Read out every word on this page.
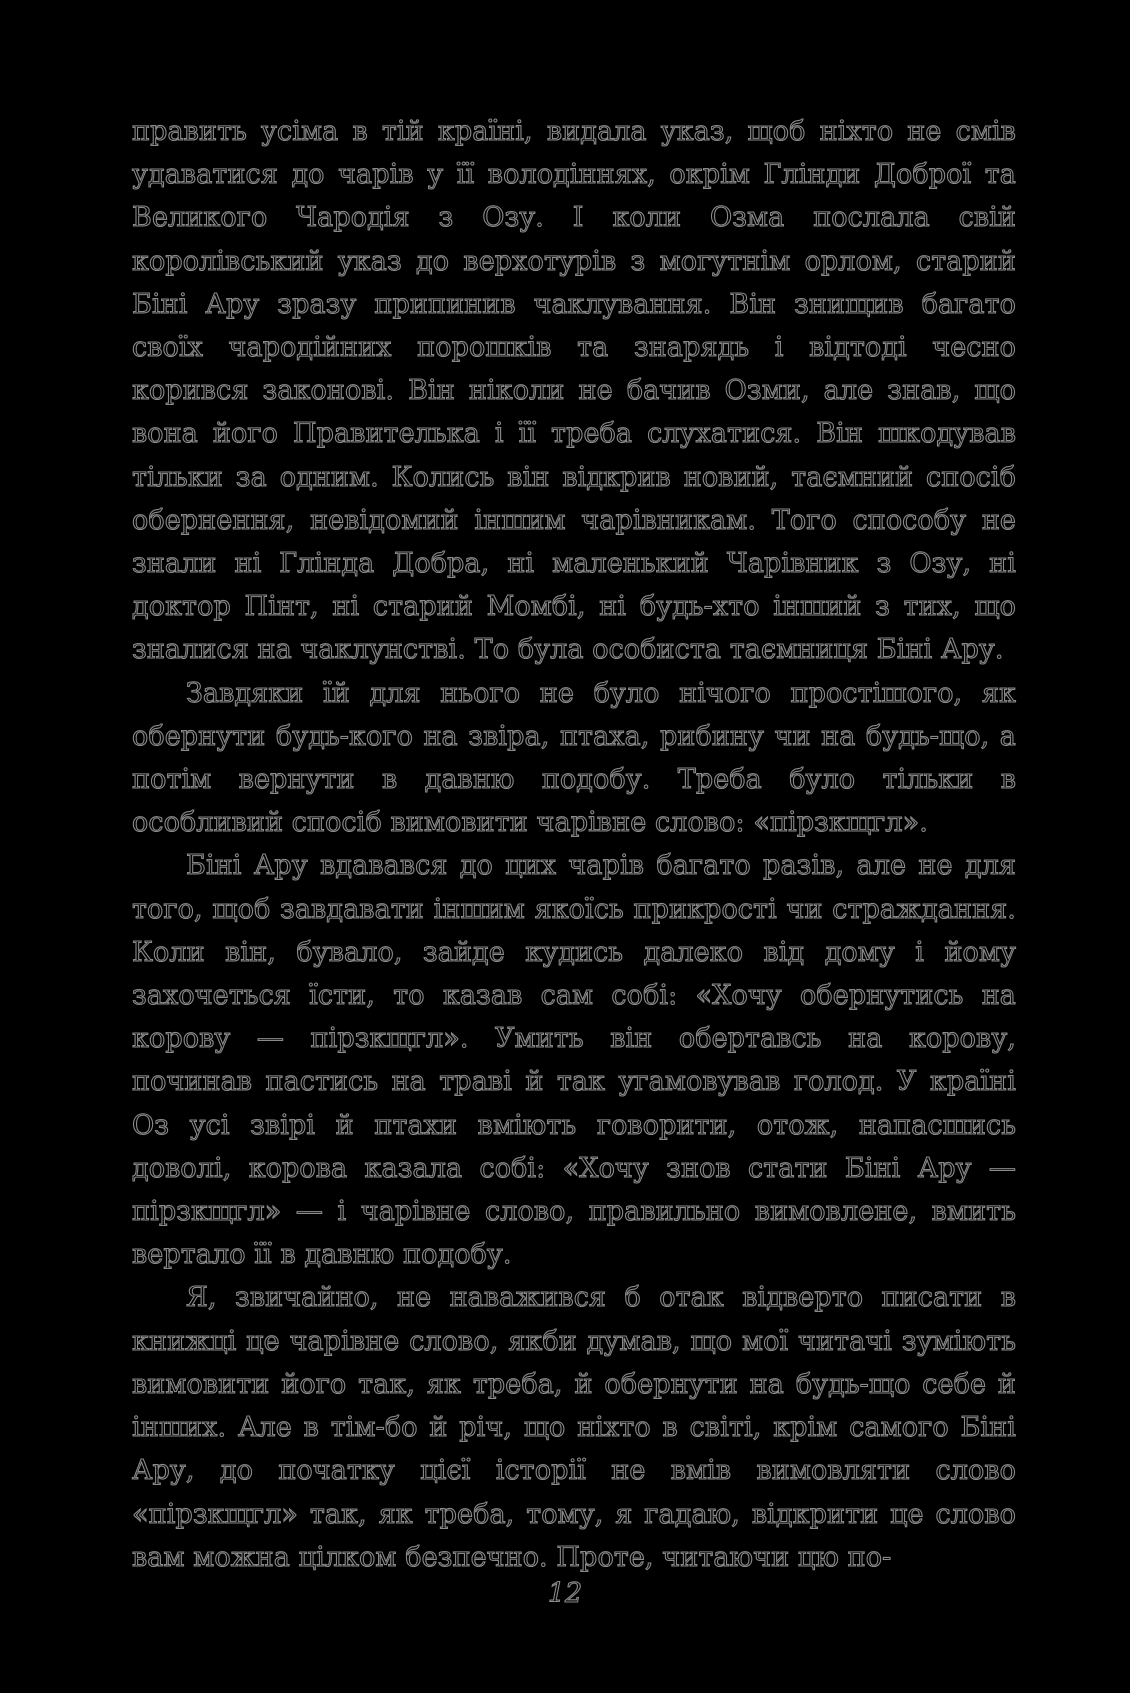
править усіма в тій країні, видала указ, щоб ніхто не смів удаватися до чарів у її володіннях, окрім Глінди Доброї та Великого Чародія з Озу. І коли Озма послала свій королівський указ до верхотурів з могутнім орлом, старий Біні Ару зразу припинив чаклування. Він знищив багато своїх чародійних порошків та знарядь і відтоді чесно корився законові. Він ніколи не бачив Озми, але знав, що вона його Правителька і її треба слухатися. Він шкодував тільки за одним. Колись він відкрив новий, таємний спосіб обернення, невідомий іншим чарівникам. Того способу не знали ні Глінда Добра, ні маленький Чарівник з Озу, ні доктор Пінт, ні старий Момбі, ні будь-хто інший з тих, що зналися на чаклунстві. То була особиста таємниця Біні Ару.

Завдяки їй для нього не було нічого простішого, як обернути будь-кого на звіра, птаха, рибину чи на будь-що, а потім вернути в давню подобу. Треба було тільки в особливий спосіб вимовити чарівне слово: «пірзкщгл».

Біні Ару вдавався до цих чарів багато разів, але не для того, щоб завдавати іншим якоїсь прикрості чи страждання. Коли він, бувало, зайде кудись далеко від дому і йому захочеться їсти, то казав сам собі: «Хочу обернутись на корову — пірзкщгл». Умить він обертавсь на корову, починав пастись на траві й так угамовував голод. У країні Оз усі звірі й птахи вміють говорити, отож, напасшись доволі, корова казала собі: «Хочу знов стати Біні Ару — пірзкщгл» — і чарівне слово, правильно вимовлене, вмить вертало її в давню подобу.

Я, звичайно, не наважився б отак відверто писати в книжці це чарівне слово, якби думав, що мої читачі зуміють вимовити його так, як треба, й обернути на будь-що себе й інших. Але в тім-бо й річ, що ніхто в світі, крім самого Біні Ару, до початку цієї історії не вмів вимовляти слово «пірзкщгл» так, як треба, тому, я гадаю, відкрити це слово вам можна цілком безпечно. Проте, читаючи цю по-

12
